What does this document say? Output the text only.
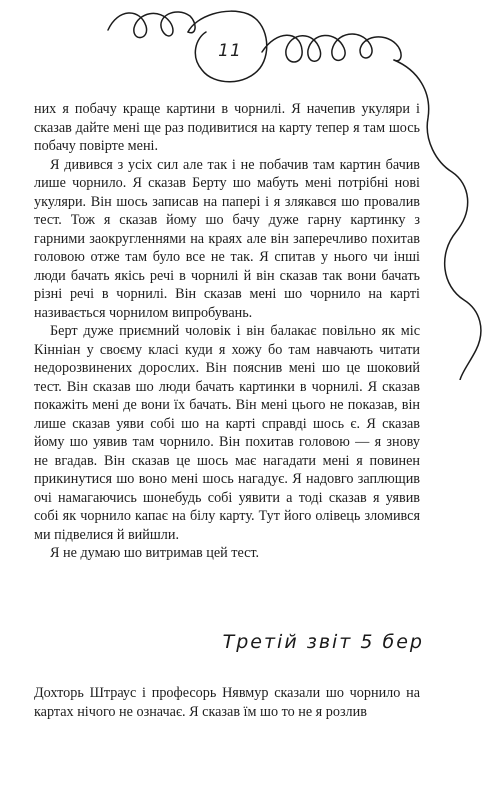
11

них я побачу краще картини в чорнилі. Я начепив укуляри і сказав дайте мені ще раз подивитися на карту тепер я там шось побачу повірте мені.

Я дивився з усіх сил але так і не побачив там картин бачив лише чорнило. Я сказав Берту шо мабуть мені потрібні нові укуляри. Він шось записав на папері і я злякався шо провалив тест. Тож я сказав йому шо бачу дуже гарну картинку з гарними заокругленнями на краях але він заперечливо похитав головою отже там було все не так. Я спитав у нього чи інші люди бачать якісь речі в чорнилі й він сказав так вони бачать різні речі в чорнилі. Він сказав мені шо чорнило на карті називається чорнилом випробувань.

Берт дуже приємний чоловік і він балакає повільно як міс Кінніан у своєму класі куди я хожу бо там навчають читати недорозвинених дорослих. Він пояснив мені шо це шоковий тест. Він сказав шо люди бачать картинки в чорнилі. Я сказав покажіть мені де вони їх бачать. Він мені цього не показав, він лише сказав уяви собі шо на карті справді шось є. Я сказав йому шо уявив там чорнило. Він похитав головою — я знову не вгадав. Він сказав це шось має нагадати мені я повинен прикинутися шо воно мені шось нагадує. Я надовго заплющив очі намагаючись шонебудь собі уявити а тоді сказав я уявив собі як чорнило капає на білу карту. Тут його олівець зломився ми підвелися й вийшли.

Я не думаю шо витримав цей тест.

Третій звіт 5 бер

Дохторь Штраус і професорь Нявмур сказали шо чорнило на картах нічого не означає. Я сказав їм шо то не я розлив
